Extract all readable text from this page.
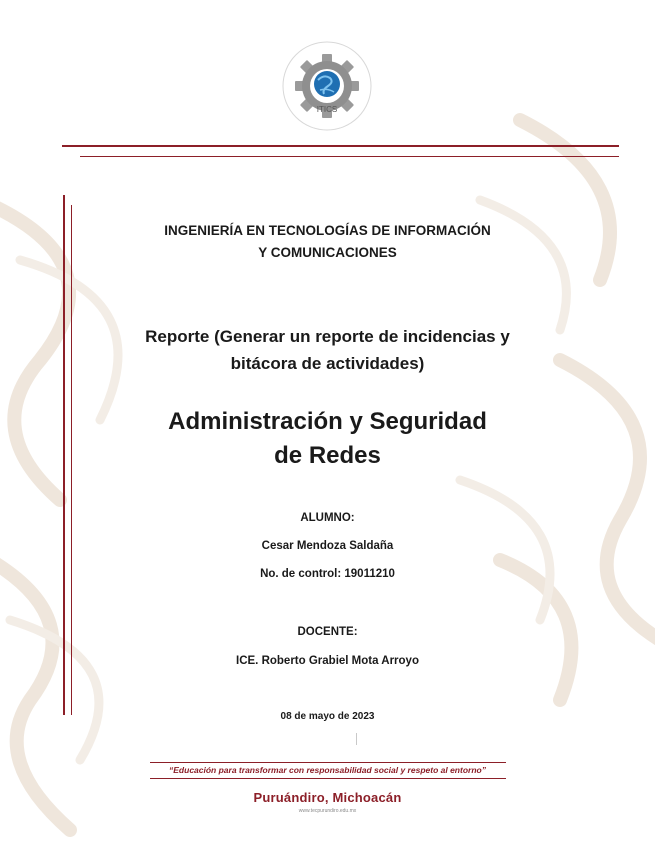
ITICS
INGENIERÍA EN TECNOLOGÍAS DE INFORMACIÓN
Y COMUNICACIONES
Reporte (Generar un reporte de incidencias y
bitácora de actividades)
Administración y Seguridad
de Redes
ALUMNO:
Cesar Mendoza Saldaña
No. de control: 19011210
DOCENTE:
ICE. Roberto Grabiel Mota Arroyo
08 de mayo de 2023
“Educación para transformar con responsabilidad social y respeto al entorno”
Puruándiro, Michoacán
www.tecpurundiro.edu.mx
